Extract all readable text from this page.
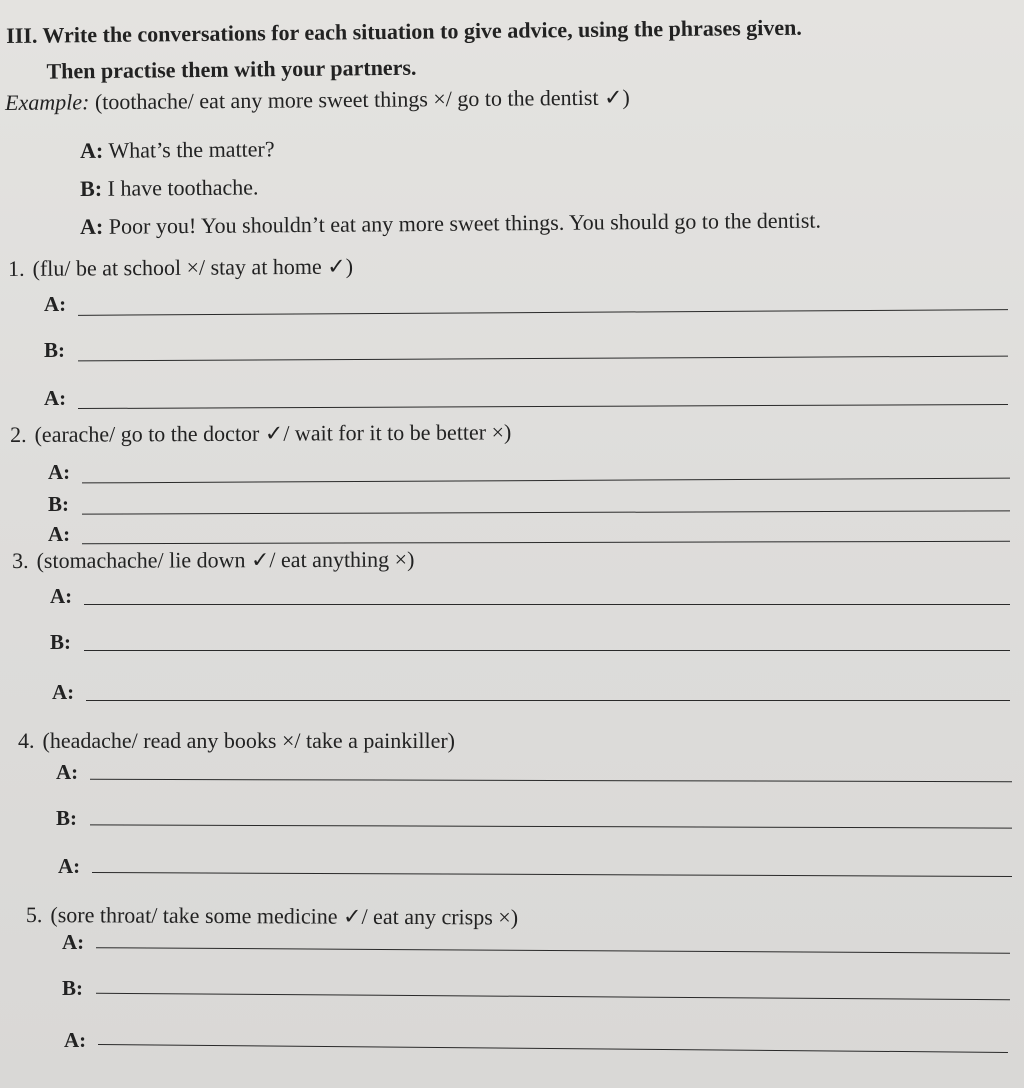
III. Write the conversations for each situation to give advice, using the phrases given.
Then practise them with your partners.
Example: (toothache/ eat any more sweet things ×/ go to the dentist ✓)
A: What’s the matter?
B: I have toothache.
A: Poor you! You shouldn’t eat any more sweet things. You should go to the dentist.
1. (flu/ be at school ×/ stay at home ✓)
A:
B:
A:
2. (earache/ go to the doctor ✓/ wait for it to be better ×)
A:
B:
A:
3. (stomachache/ lie down ✓/ eat anything ×)
A:
B:
A:
4. (headache/ read any books ×/ take a painkiller)
A:
B:
A:
5. (sore throat/ take some medicine ✓/ eat any crisps ×)
A:
B:
A:
